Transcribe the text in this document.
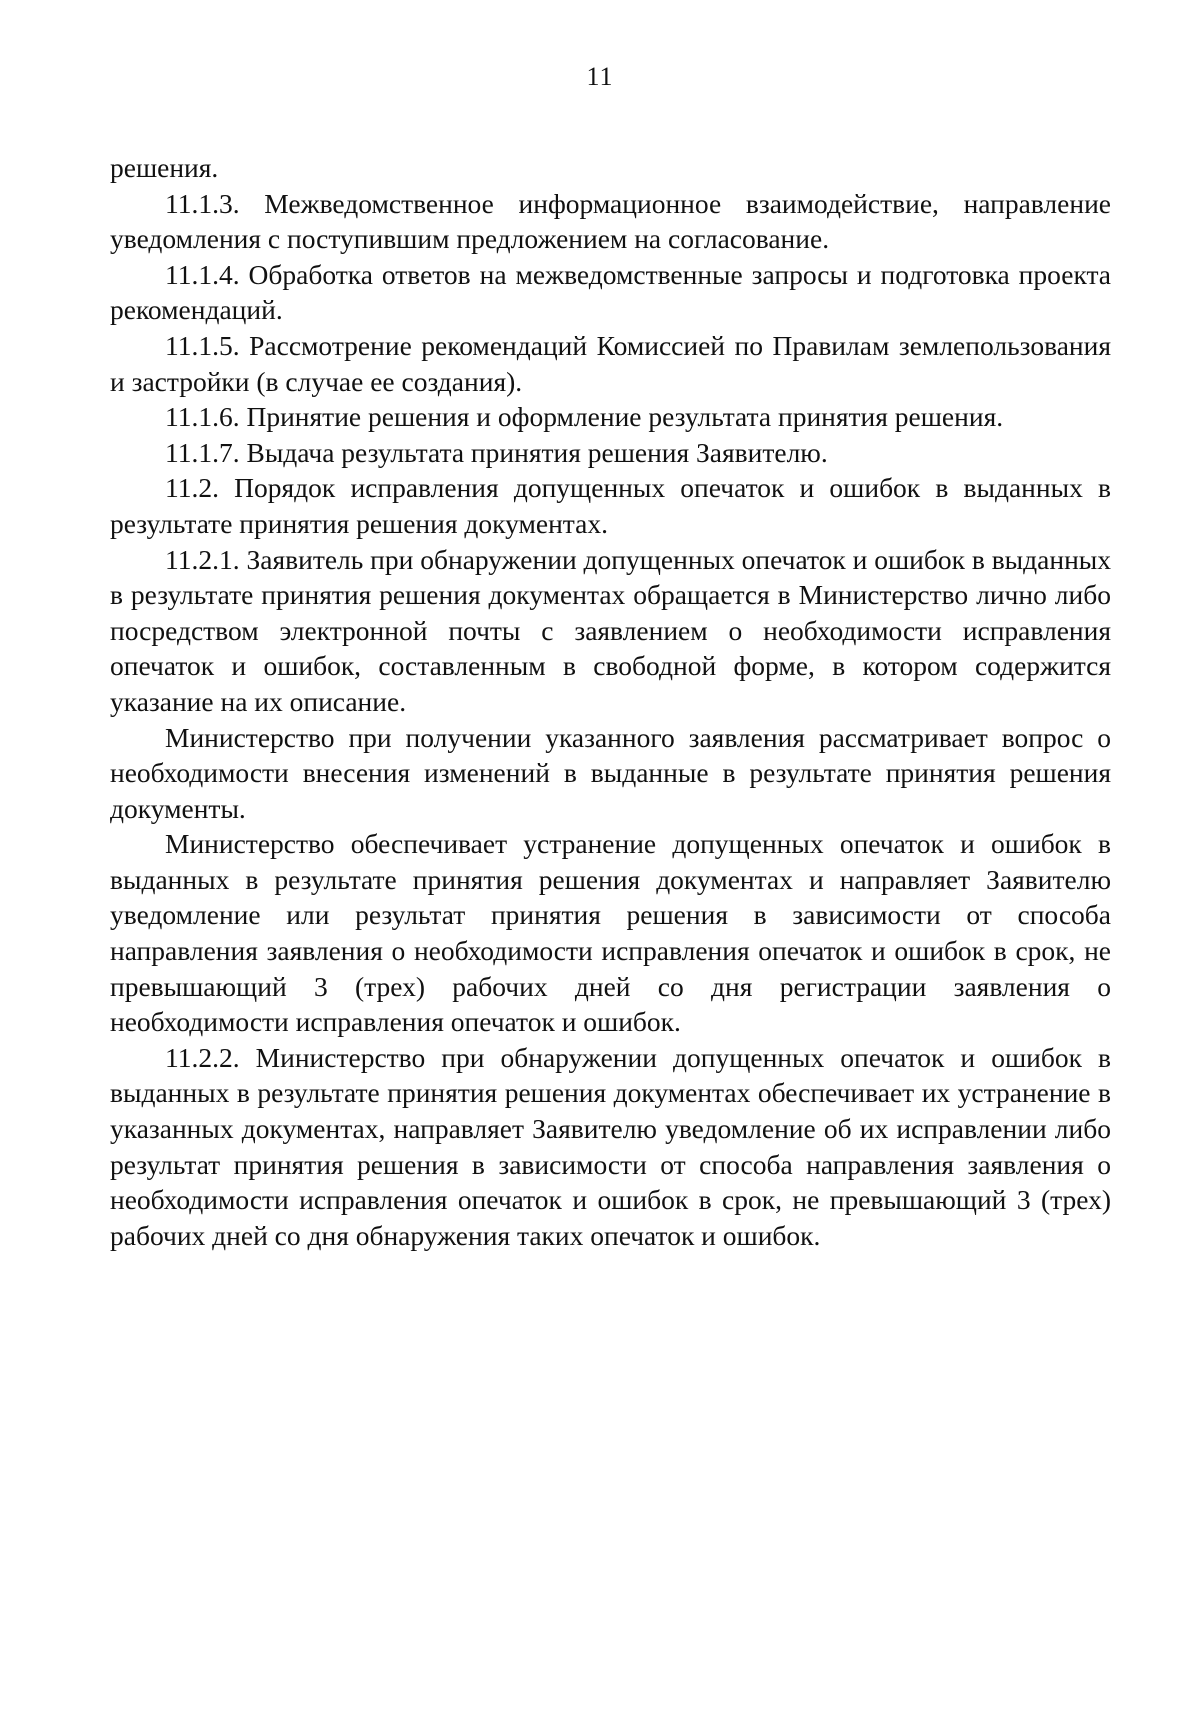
11

решения.

11.1.3. Межведомственное информационное взаимодействие, направление уведомления с поступившим предложением на согласование.

11.1.4. Обработка ответов на межведомственные запросы и подготовка проекта рекомендаций.

11.1.5. Рассмотрение рекомендаций Комиссией по Правилам землепользования и застройки (в случае ее создания).

11.1.6. Принятие решения и оформление результата принятия решения.

11.1.7. Выдача результата принятия решения Заявителю.

11.2. Порядок исправления допущенных опечаток и ошибок в выданных в результате принятия решения документах.

11.2.1. Заявитель при обнаружении допущенных опечаток и ошибок в выданных в результате принятия решения документах обращается в Министерство лично либо посредством электронной почты с заявлением о необходимости исправления опечаток и ошибок, составленным в свободной форме, в котором содержится указание на их описание.

Министерство при получении указанного заявления рассматривает вопрос о необходимости внесения изменений в выданные в результате принятия решения документы.

Министерство обеспечивает устранение допущенных опечаток и ошибок в выданных в результате принятия решения документах и направляет Заявителю уведомление или результат принятия решения в зависимости от способа направления заявления о необходимости исправления опечаток и ошибок в срок, не превышающий 3 (трех) рабочих дней со дня регистрации заявления о необходимости исправления опечаток и ошибок.

11.2.2. Министерство при обнаружении допущенных опечаток и ошибок в выданных в результате принятия решения документах обеспечивает их устранение в указанных документах, направляет Заявителю уведомление об их исправлении либо результат принятия решения в зависимости от способа направления заявления о необходимости исправления опечаток и ошибок в срок, не превышающий 3 (трех) рабочих дней со дня обнаружения таких опечаток и ошибок.
